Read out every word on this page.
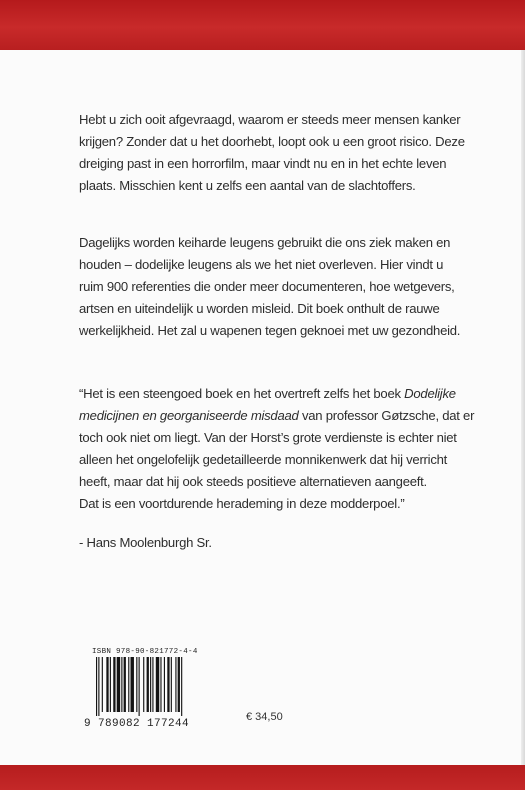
Hebt u zich ooit afgevraagd, waarom er steeds meer mensen kanker
krijgen? Zonder dat u het doorhebt, loopt ook u een groot risico. Deze
dreiging past in een horrorfilm, maar vindt nu en in het echte leven
plaats. Misschien kent u zelfs een aantal van de slachtoffers.
Dagelijks worden keiharde leugens gebruikt die ons ziek maken en
houden – dodelijke leugens als we het niet overleven. Hier vindt u
ruim 900 referenties die onder meer documenteren, hoe wetgevers,
artsen en uiteindelijk u worden misleid. Dit boek onthult de rauwe
werkelijkheid. Het zal u wapenen tegen geknoei met uw gezondheid.
“Het is een steengoed boek en het overtreft zelfs het boek Dodelijke
medicijnen en georganiseerde misdaad van professor Gøtzsche, dat er
toch ook niet om liegt. Van der Horst’s grote verdienste is echter niet
alleen het ongelofelijk gedetailleerde monnikenwerk dat hij verricht
heeft, maar dat hij ook steeds positieve alternatieven aangeeft.
Dat is een voortdurende herademing in deze modderpoel.”

- Hans Moolenburgh Sr.

ISBN 978-90-821772-4-4
9 789082 177244
€ 34,50
